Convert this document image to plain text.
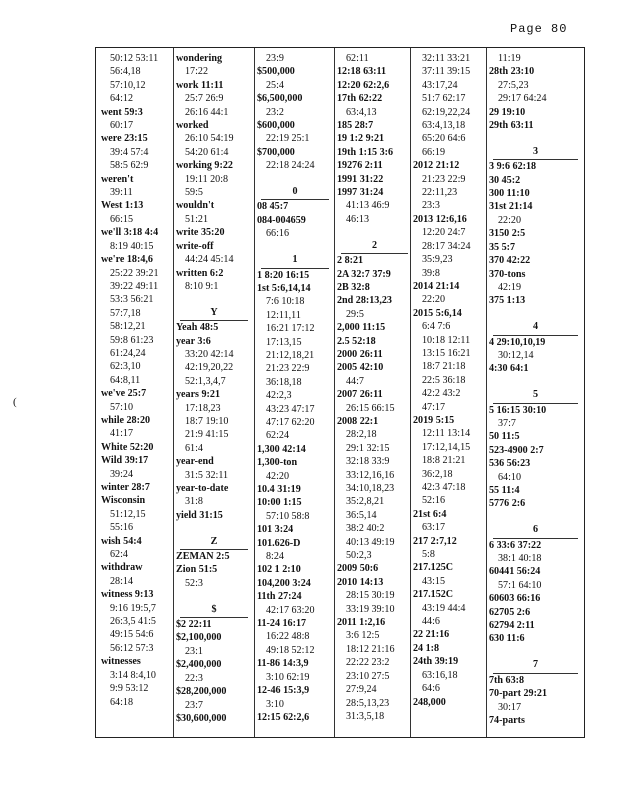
Page 80
(
50:12 53:11
56:4,18
57:10,12
64:12
went 59:3
60:17
were 23:15
39:4 57:4
58:5 62:9
weren't
39:11
West 1:13
66:15
we'll 3:18 4:4
8:19 40:15
we're 18:4,6
25:22 39:21
39:22 49:11
53:3 56:21
57:7,18
58:12,21
59:8 61:23
61:24,24
62:3,10
64:8,11
we've 25:7
57:10
while 28:20
41:17
White 52:20
Wild 39:17
39:24
winter 28:7
Wisconsin
51:12,15
55:16
wish 54:4
62:4
withdraw
28:14
witness 9:13
9:16 19:5,7
26:3,5 41:5
49:15 54:6
56:12 57:3
witnesses
3:14 8:4,10
9:9 53:12
64:18
wondering
17:22
work 11:11
25:7 26:9
26:16 44:1
worked
26:10 54:19
54:20 61:4
working 9:22
19:11 20:8
59:5
wouldn't
51:21
write 35:20
write-off
44:24 45:14
written 6:2
8:10 9:1
Y
Yeah 48:5
year 3:6
33:20 42:14
42:19,20,22
52:1,3,4,7
years 9:21
17:18,23
18:7 19:10
21:9 41:15
61:4
year-end
31:5 32:11
year-to-date
31:8
yield 31:15
Z
ZEMAN 2:5
Zion 51:5
52:3
$
$2 22:11
$2,100,000
23:1
$2,400,000
22:3
$28,200,000
23:7
$30,600,000
23:9
$500,000
25:4
$6,500,000
23:2
$600,000
22:19 25:1
$700,000
22:18 24:24
0
08 45:7
084-004659
66:16
1
1 8:20 16:15
1st 5:6,14,14
7:6 10:18
12:11,11
16:21 17:12
17:13,15
21:12,18,21
21:23 22:9
36:18,18
42:2,3
43:23 47:17
47:17 62:20
62:24
1,300 42:14
1,300-ton
42:20
10.4 31:19
10:00 1:15
57:10 58:8
101 3:24
101.626-D
8:24
102 1 2:10
104,200 3:24
11th 27:24
42:17 63:20
11-24 16:17
16:22 48:8
49:18 52:12
11-86 14:3,9
3:10 62:19
12-46 15:3,9
3:10
12:15 62:2,6
62:11
12:18 63:11
12:20 62:2,6
17th 62:22
63:4,13
185 28:7
19 1:2 9:21
19th 1:15 3:6
19276 2:11
1991 31:22
1997 31:24
41:13 46:9
46:13
2
2 8:21
2A 32:7 37:9
2B 32:8
2nd 28:13,23
29:5
2,000 11:15
2.5 52:18
2000 26:11
2005 42:10
44:7
2007 26:11
26:15 66:15
2008 22:1
28:2,18
29:1 32:15
32:18 33:9
33:12,16,16
34:10,18,23
35:2,8,21
36:5,14
38:2 40:2
40:13 49:19
50:2,3
2009 50:6
2010 14:13
28:15 30:19
33:19 39:10
2011 1:2,16
3:6 12:5
18:12 21:16
22:22 23:2
23:10 27:5
27:9,24
28:5,13,23
31:3,5,18
32:11 33:21
37:11 39:15
43:17,24
51:7 62:17
62:19,22,24
63:4,13,18
65:20 64:6
66:19
2012 21:12
21:23 22:9
22:11,23
23:3
2013 12:6,16
12:20 24:7
28:17 34:24
35:9,23
39:8
2014 21:14
22:20
2015 5:6,14
6:4 7:6
10:18 12:11
13:15 16:21
18:7 21:18
22:5 36:18
42:2 43:2
47:17
2019 5:15
12:11 13:14
17:12,14,15
18:8 21:21
36:2,18
42:3 47:18
52:16
21st 6:4
63:17
217 2:7,12
5:8
217.125C
43:15
217.152C
43:19 44:4
44:6
22 21:16
24 1:8
24th 39:19
63:16,18
64:6
248,000
11:19
28th 23:10
27:5,23
29:17 64:24
29 19:10
29th 63:11
3
3 9:6 62:18
30 45:2
300 11:10
31st 21:14
22:20
3150 2:5
35 5:7
370 42:22
370-tons
42:19
375 1:13
4
4 29:10,10,19
30:12,14
4:30 64:1
5
5 16:15 30:10
37:7
50 11:5
523-4900 2:7
536 56:23
64:10
55 11:4
5776 2:6
6
6 33:6 37:22
38:1 40:18
60441 56:24
57:1 64:10
60603 66:16
62705 2:6
62794 2:11
630 11:6
7
7th 63:8
70-part 29:21
30:17
74-parts
